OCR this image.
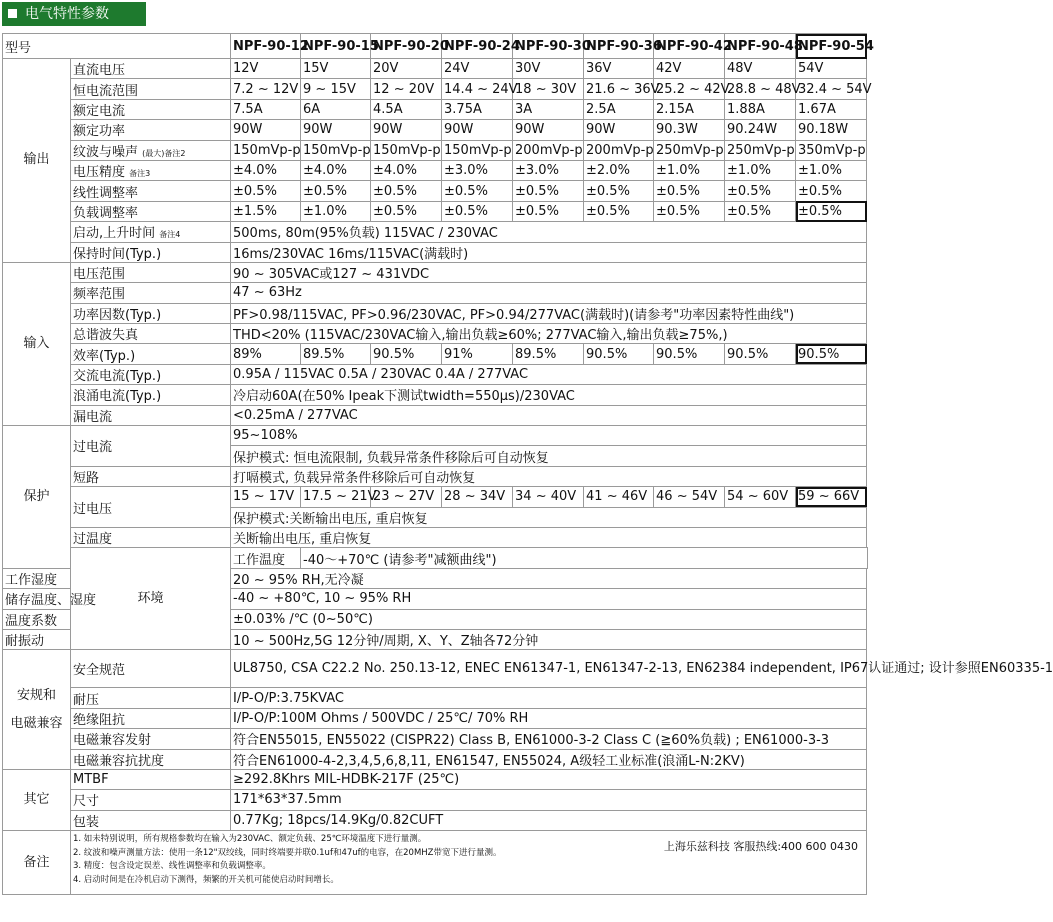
电气特性参数
型号		NPF-90-12	NPF-90-15	NPF-90-20	NPF-90-24	NPF-90-30	NPF-90-36	NPF-90-42	NPF-90-48	NPF-90-54
输出	直流电压	12V	15V	20V	24V	30V	36V	42V	48V	54V
	恒电流范围	7.2 ~ 12V	9 ~ 15V	12 ~ 20V	14.4 ~ 24V	18 ~ 30V	21.6 ~ 36V	25.2 ~ 42V	28.8 ~ 48V	32.4 ~ 54V
	额定电流	7.5A	6A	4.5A	3.75A	3A	2.5A	2.15A	1.88A	1.67A
	额定功率	90W	90W	90W	90W	90W	90W	90.3W	90.24W	90.18W
	纹波与噪声 (最大)备注2	150mVp-p	150mVp-p	150mVp-p	150mVp-p	200mVp-p	200mVp-p	250mVp-p	250mVp-p	350mVp-p
	电压精度 备注3	±4.0%	±4.0%	±4.0%	±3.0%	±3.0%	±2.0%	±1.0%	±1.0%	±1.0%
	线性调整率	±0.5%	±0.5%	±0.5%	±0.5%	±0.5%	±0.5%	±0.5%	±0.5%	±0.5%
	负载调整率	±1.5%	±1.0%	±0.5%	±0.5%	±0.5%	±0.5%	±0.5%	±0.5%	±0.5%
	启动,上升时间 备注4	500ms, 80m(95%负载) 115VAC / 230VAC								
	保持时间(Typ.)	16ms/230VAC 16ms/115VAC(满载时)								
输入	电压范围	90 ~ 305VAC或127 ~ 431VDC								
	频率范围	47 ~ 63Hz								
	功率因数(Typ.)	PF>0.98/115VAC, PF>0.96/230VAC, PF>0.94/277VAC(满载时)(请参考"功率因素特性曲线")								
	总谐波失真	THD<20% (115VAC/230VAC输入,输出负载≥60%; 277VAC输入,输出负载≥75%,)								
	效率(Typ.)	89%	89.5%	90.5%	91%	89.5%	90.5%	90.5%	90.5%	90.5%
	交流电流(Typ.)	0.95A / 115VAC 0.5A / 230VAC 0.4A / 277VAC								
	浪涌电流(Typ.)	冷启动60A(在50% Ipeak下测试twidth=550μs)/230VAC								
	漏电流	<0.25mA / 277VAC								
保护	过电流	95~108%								
		保护模式: 恒电流限制, 负载异常条件移除后可自动恢复								
	短路	打嗝模式, 负载异常条件移除后可自动恢复								
	过电压	15 ~ 17V	17.5 ~ 21V	23 ~ 27V	28 ~ 34V	34 ~ 40V	41 ~ 46V	46 ~ 54V	54 ~ 60V	59 ~ 66V
		保护模式:关断输出电压, 重启恢复								
	过温度	关断输出电压, 重启恢复								
	环境	工作温度	-40～+70℃ (请参考"减额曲线")							
工作湿度		20 ~ 95% RH,无冷凝								
储存温度、湿度		-40 ~ +80℃, 10 ~ 95% RH								
温度系数		±0.03% /℃ (0~50℃)								
耐振动		10 ~ 500Hz,5G 12分钟/周期, X、Y、Z轴各72分钟								
安规和
电磁兼容	安全规范	UL8750, CSA C22.2 No. 250.13-12, ENEC EN61347-1, EN61347-2-13, EN62384 independent, IP67认证通过; 设计参照EN60335-1								
	耐压	I/P-O/P:3.75KVAC								
	绝缘阻抗	I/P-O/P:100M Ohms / 500VDC / 25℃/ 70% RH								
	电磁兼容发射	符合EN55015, EN55022 (CISPR22) Class B, EN61000-3-2 Class C (≧60%负载) ; EN61000-3-3								
	电磁兼容抗扰度	符合EN61000-4-2,3,4,5,6,8,11, EN61547, EN55024, A级轻工业标准(浪涌L-N:2KV)								
其它	MTBF	≥292.8Khrs MIL-HDBK-217F (25℃)								
	尺寸	171*63*37.5mm								
	包装	0.77Kg; 18pcs/14.9Kg/0.82CUFT								
备注	1. 如未特别说明，所有规格参数均在输入为230VAC、额定负载、25℃环境温度下进行量测。

2. 纹波和噪声测量方法：使用一条12"双绞线，同时终端要并联0.1uf和47uf的电容，在20MHZ带宽下进行量测。

3. 精度：包含设定误差、线性调整率和负载调整率。

4. 启动时间是在冷机启动下测得，频繁的开关机可能使启动时间增长。

上海乐兹科技 客服热线:400 600 0430									
